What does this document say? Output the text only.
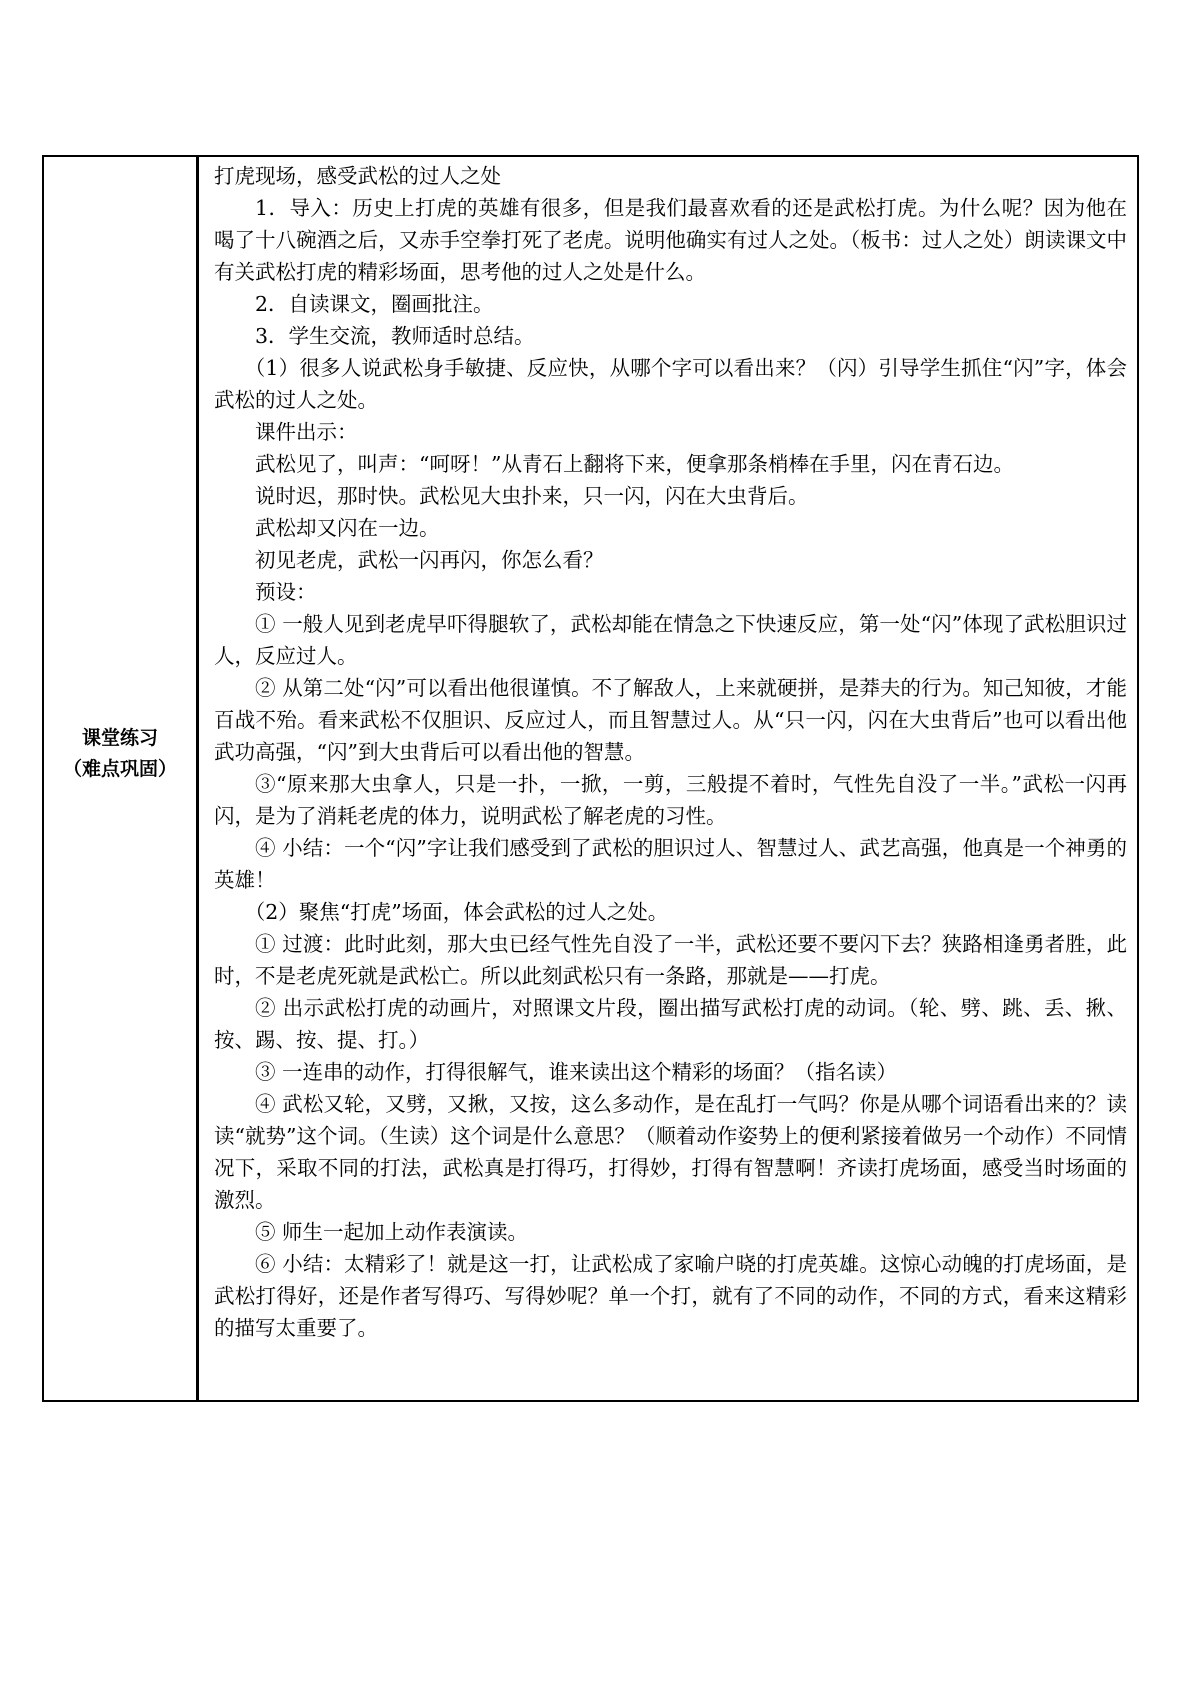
课堂练习
（难点巩固）

打虎现场，感受武松的过人之处

1．导入：历史上打虎的英雄有很多，但是我们最喜欢看的还是武松打虎。为什么呢？因为他在喝了十八碗酒之后，又赤手空拳打死了老虎。说明他确实有过人之处。（板书：过人之处）朗读课文中有关武松打虎的精彩场面，思考他的过人之处是什么。

2．自读课文，圈画批注。

3．学生交流，教师适时总结。

（1）很多人说武松身手敏捷、反应快，从哪个字可以看出来？（闪）引导学生抓住“闪”字，体会武松的过人之处。

课件出示：

武松见了，叫声：“呵呀！”从青石上翻将下来，便拿那条梢棒在手里，闪在青石边。

说时迟，那时快。武松见大虫扑来，只一闪，闪在大虫背后。

武松却又闪在一边。

初见老虎，武松一闪再闪，你怎么看？

预设：

① 一般人见到老虎早吓得腿软了，武松却能在情急之下快速反应，第一处“闪”体现了武松胆识过人，反应过人。

② 从第二处“闪”可以看出他很谨慎。不了解敌人，上来就硬拼，是莽夫的行为。知己知彼，才能百战不殆。看来武松不仅胆识、反应过人，而且智慧过人。从“只一闪，闪在大虫背后”也可以看出他武功高强，“闪”到大虫背后可以看出他的智慧。

③“原来那大虫拿人，只是一扑，一掀，一剪，三般提不着时，气性先自没了一半。”武松一闪再闪，是为了消耗老虎的体力，说明武松了解老虎的习性。

④ 小结：一个“闪”字让我们感受到了武松的胆识过人、智慧过人、武艺高强，他真是一个神勇的英雄！

（2）聚焦“打虎”场面，体会武松的过人之处。

① 过渡：此时此刻，那大虫已经气性先自没了一半，武松还要不要闪下去？狭路相逢勇者胜，此时，不是老虎死就是武松亡。所以此刻武松只有一条路，那就是——打虎。

② 出示武松打虎的动画片，对照课文片段，圈出描写武松打虎的动词。（轮、劈、跳、丢、揪、按、踢、按、提、打。）

③ 一连串的动作，打得很解气，谁来读出这个精彩的场面？（指名读）

④ 武松又轮，又劈，又揪，又按，这么多动作，是在乱打一气吗？你是从哪个词语看出来的？读读“就势”这个词。（生读）这个词是什么意思？（顺着动作姿势上的便利紧接着做另一个动作）不同情况下，采取不同的打法，武松真是打得巧，打得妙，打得有智慧啊！齐读打虎场面，感受当时场面的激烈。

⑤ 师生一起加上动作表演读。

⑥ 小结：太精彩了！就是这一打，让武松成了家喻户晓的打虎英雄。这惊心动魄的打虎场面，是武松打得好，还是作者写得巧、写得妙呢？单一个打，就有了不同的动作，不同的方式，看来这精彩的描写太重要了。
